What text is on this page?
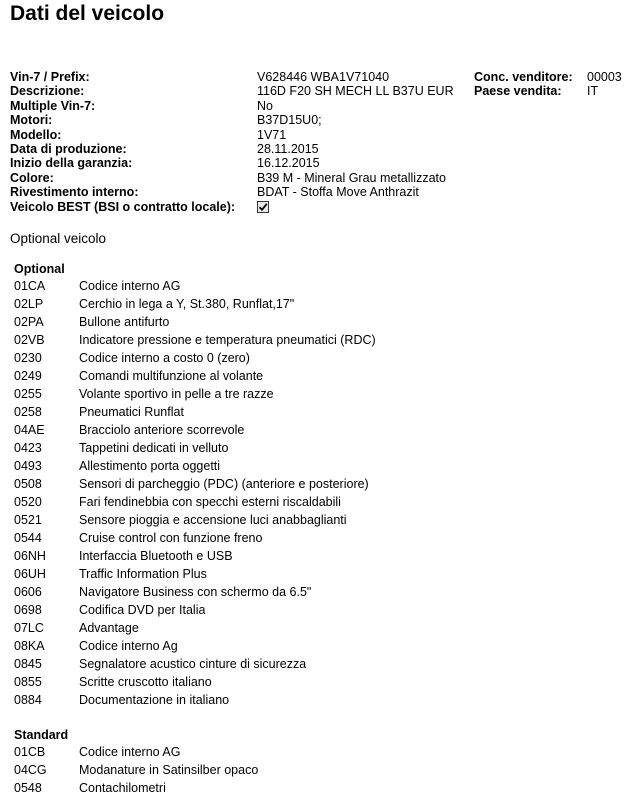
Dati del veicolo
Vin-7 / Prefix:	V628446 WBA1V71040	Conc. venditore: 00003
Descrizione:	116D F20 SH MECH LL B37U EUR Paese vendita: IT
Multiple Vin-7:	No
Motori:	B37D15U0;
Modello:	1V71
Data di produzione:	28.11.2015
Inizio della garanzia:	16.12.2015
Colore:	B39 M - Mineral Grau metallizzato
Rivestimento interno:	BDAT - Stoffa Move Anthrazit
Veicolo BEST (BSI o contratto locale):
Optional veicolo
Optional
01CA	Codice interno AG
02LP	Cerchio in lega a Y, St.380, Runflat,17"
02PA	Bullone antifurto
02VB	Indicatore pressione e temperatura pneumatici (RDC)
0230	Codice interno a costo 0 (zero)
0249	Comandi multifunzione al volante
0255	Volante sportivo in pelle a tre razze
0258	Pneumatici Runflat
04AE	Bracciolo anteriore scorrevole
0423	Tappetini dedicati in velluto
0493	Allestimento porta oggetti
0508	Sensori di parcheggio (PDC) (anteriore e posteriore)
0520	Fari fendinebbia con specchi esterni riscaldabili
0521	Sensore pioggia e accensione luci anabbaglianti
0544	Cruise control con funzione freno
06NH	Interfaccia Bluetooth e USB
06UH	Traffic Information Plus
0606	Navigatore Business con schermo da 6.5"
0698	Codifica DVD per Italia
07LC	Advantage
08KA	Codice interno Ag
0845	Segnalatore acustico cinture di sicurezza
0855	Scritte cruscotto italiano
0884	Documentazione in italiano
Standard
01CB	Codice interno AG
04CG	Modanature in Satinsilber opaco
0548	Contachilometri
